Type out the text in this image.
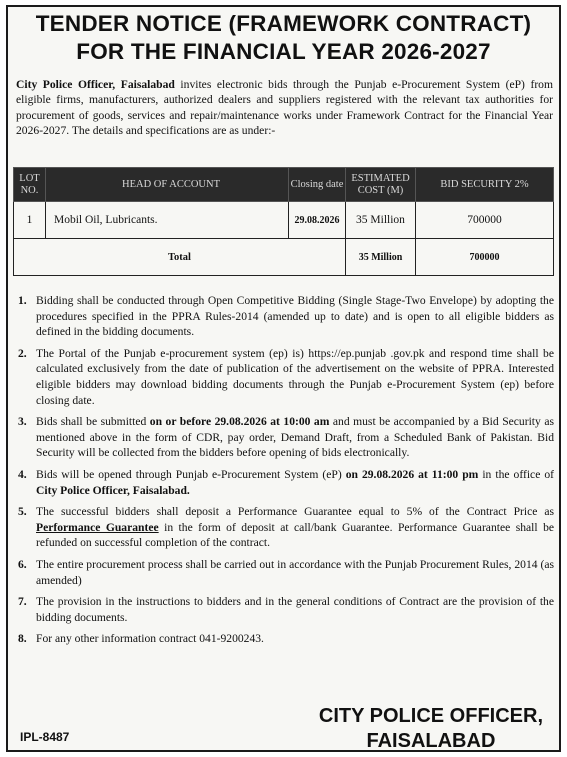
TENDER NOTICE (FRAMEWORK CONTRACT)
FOR THE FINANCIAL YEAR 2026-2027

City Police Officer, Faisalabad invites electronic bids through the Punjab e-Procurement System (eP) from eligible firms, manufacturers, authorized dealers and suppliers registered with the relevant tax authorities for procurement of goods, services and repair/maintenance works under Framework Contract for the Financial Year 2026-2027. The details and specifications are as under:-

LOT NO.	HEAD OF ACCOUNT	Closing date	ESTIMATED COST (M)	BID SECURITY 2%
1	Mobil Oil, Lubricants.	29.08.2026	35 Million	700000
Total			35 Million	700000
1. Bidding shall be conducted through Open Competitive Bidding (Single Stage-Two Envelope) by adopting the procedures specified in the PPRA Rules-2014 (amended up to date) and is open to all eligible bidders as defined in the bidding documents.
2. The Portal of the Punjab e-procurement system (ep) is) https://ep.punjab .gov.pk and respond time shall be calculated exclusively from the date of publication of the advertisement on the website of PPRA. Interested eligible bidders may download bidding documents through the Punjab e-Procurement System (ep) before closing date.
3. Bids shall be submitted on or before 29.08.2026 at 10:00 am and must be accompanied by a Bid Security as mentioned above in the form of CDR, pay order, Demand Draft, from a Scheduled Bank of Pakistan. Bid Security will be collected from the bidders before opening of bids electronically.
4. Bids will be opened through Punjab e-Procurement System (eP) on 29.08.2026 at 11:00 pm in the office of City Police Officer, Faisalabad.
5. The successful bidders shall deposit a Performance Guarantee equal to 5% of the Contract Price as Performance Guarantee in the form of deposit at call/bank Guarantee. Performance Guarantee shall be refunded on successful completion of the contract.
6. The entire procurement process shall be carried out in accordance with the Punjab Procurement Rules, 2014 (as amended)
7. The provision in the instructions to bidders and in the general conditions of Contract are the provision of the bidding documents.
8. For any other information contract 041-9200243.
IPL-8487
CITY POLICE OFFICER,
FAISALABAD
